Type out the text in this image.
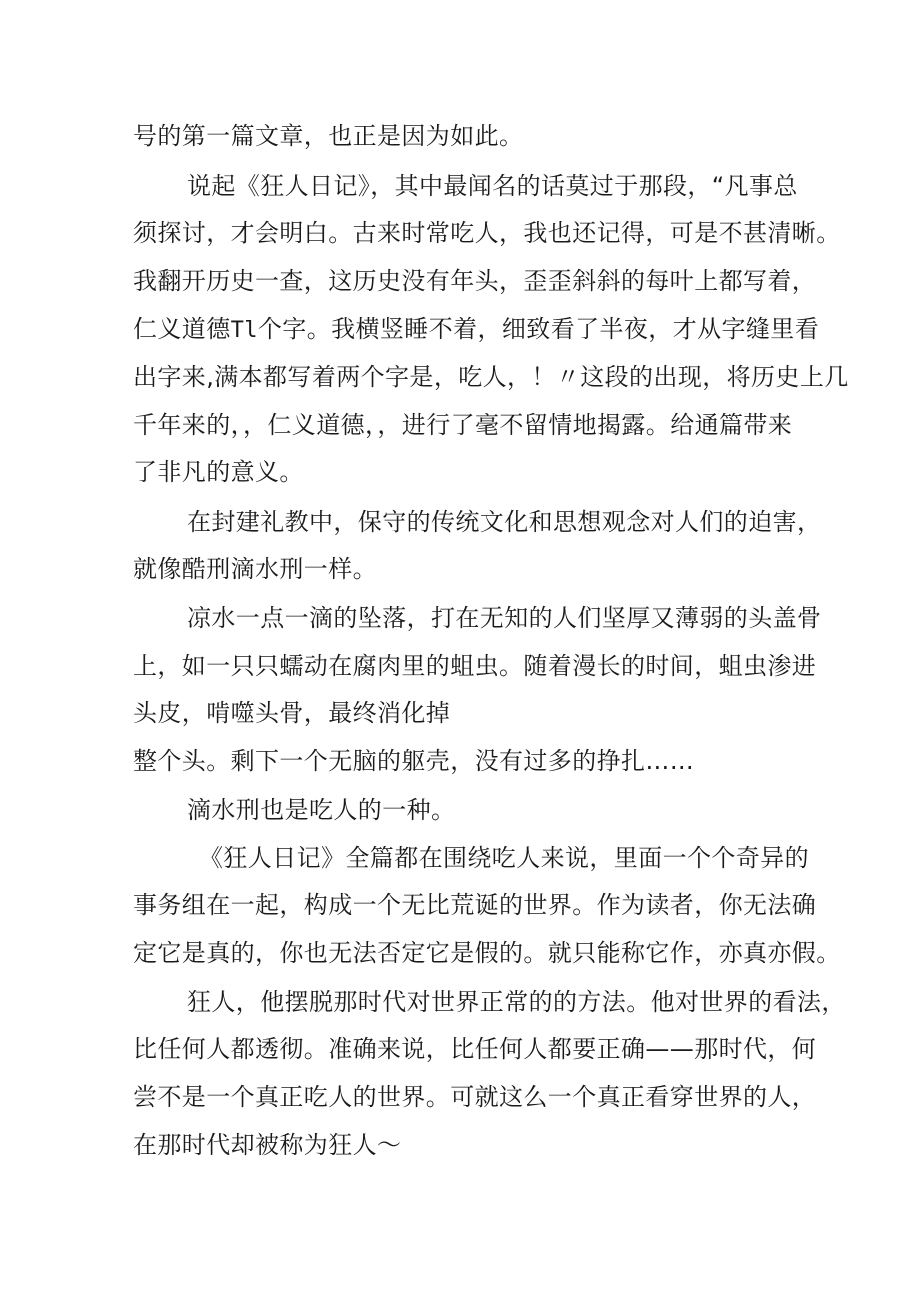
号的第一篇文章，也正是因为如此。

说起《狂人日记》，其中最闻名的话莫过于那段，“凡事总

须探讨，才会明白。古来时常吃人，我也还记得，可是不甚清晰。

我翻开历史一查，这历史没有年头，歪歪斜斜的每叶上都写着，

仁义道德Tl个字。我横竖睡不着，细致看了半夜，才从字缝里看

出字来,满本都写着两个字是，吃人，！〃这段的出现，将历史上几

千年来的，，仁义道德，，进行了毫不留情地揭露。给通篇带来

了非凡的意义。

在封建礼教中，保守的传统文化和思想观念对人们的迫害，

就像酷刑滴水刑一样。

凉水一点一滴的坠落，打在无知的人们坚厚又薄弱的头盖骨

上，如一只只蠕动在腐肉里的蛆虫。随着漫长的时间，蛆虫渗进

头皮，啃噬头骨，最终消化掉

整个头。剩下一个无脑的躯壳，没有过多的挣扎……

滴水刑也是吃人的一种。

《狂人日记》全篇都在围绕吃人来说，里面一个个奇异的

事务组在一起，构成一个无比荒诞的世界。作为读者，你无法确

定它是真的，你也无法否定它是假的。就只能称它作，亦真亦假。

狂人，他摆脱那时代对世界正常的的方法。他对世界的看法，

比任何人都透彻。准确来说，比任何人都要正确——那时代，何

尝不是一个真正吃人的世界。可就这么一个真正看穿世界的人，

在那时代却被称为狂人〜
